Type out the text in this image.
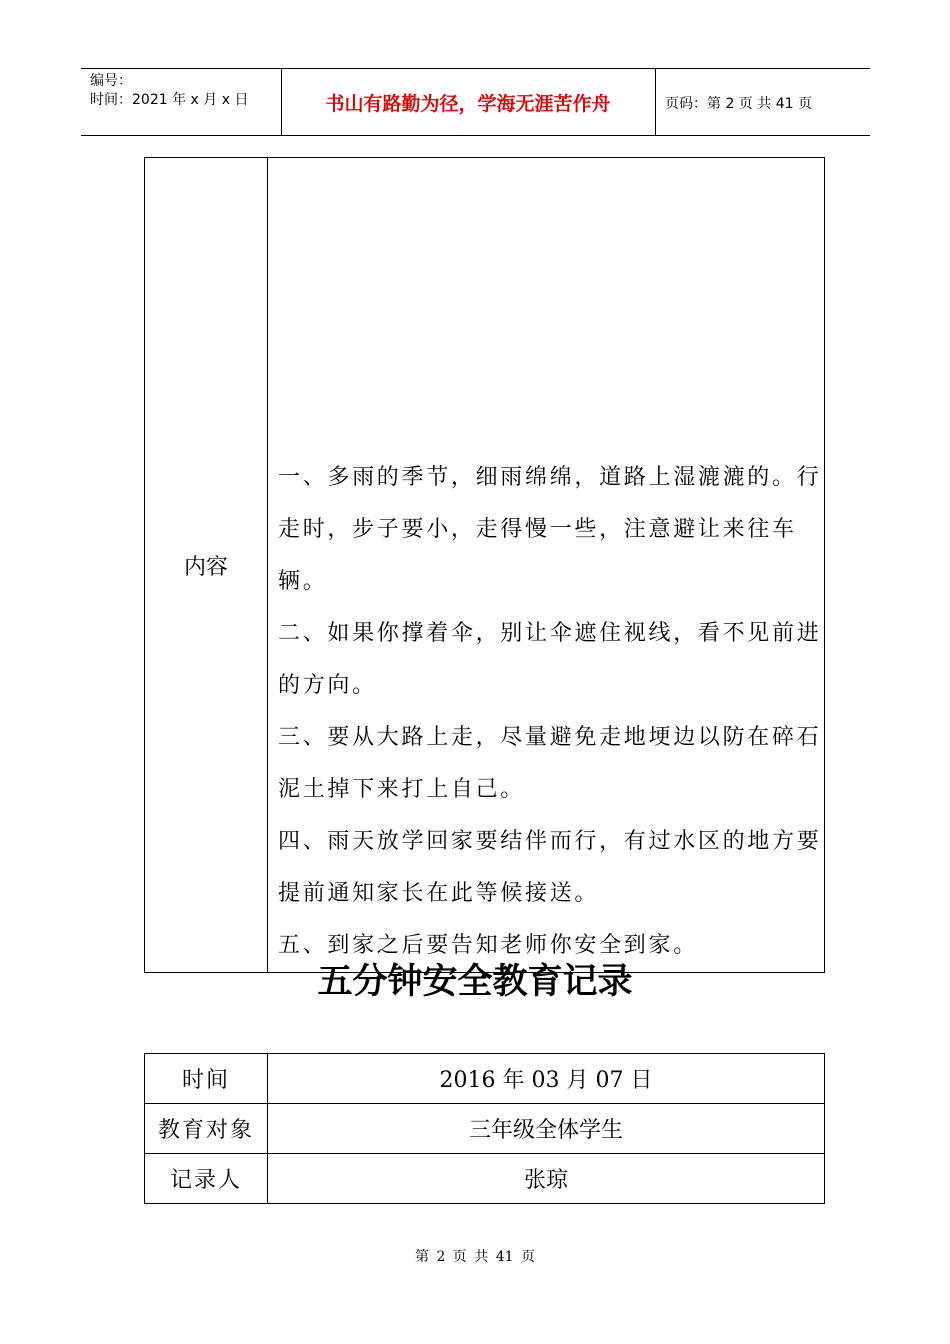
编号：
时间：2021 年 x 月 x 日	书山有路勤为径，学海无涯苦作舟	页码：第 2 页 共 41 页
内容	

一、多雨的季节，细雨绵绵，道路上湿漉漉的。行走时，步子要小，走得慢一些，注意避让来往车辆。

二、如果你撑着伞，别让伞遮住视线，看不见前进的方向。

三、要从大路上走，尽量避免走地埂边以防在碎石泥土掉下来打上自己。

四、雨天放学回家要结伴而行，有过水区的地方要提前通知家长在此等候接送。

五、到家之后要告知老师你安全到家。

五分钟安全教育记录
时间	2016 年 03 月 07 日
教育对象	三年级全体学生
记录人	张琼
第 2 页 共 41 页
